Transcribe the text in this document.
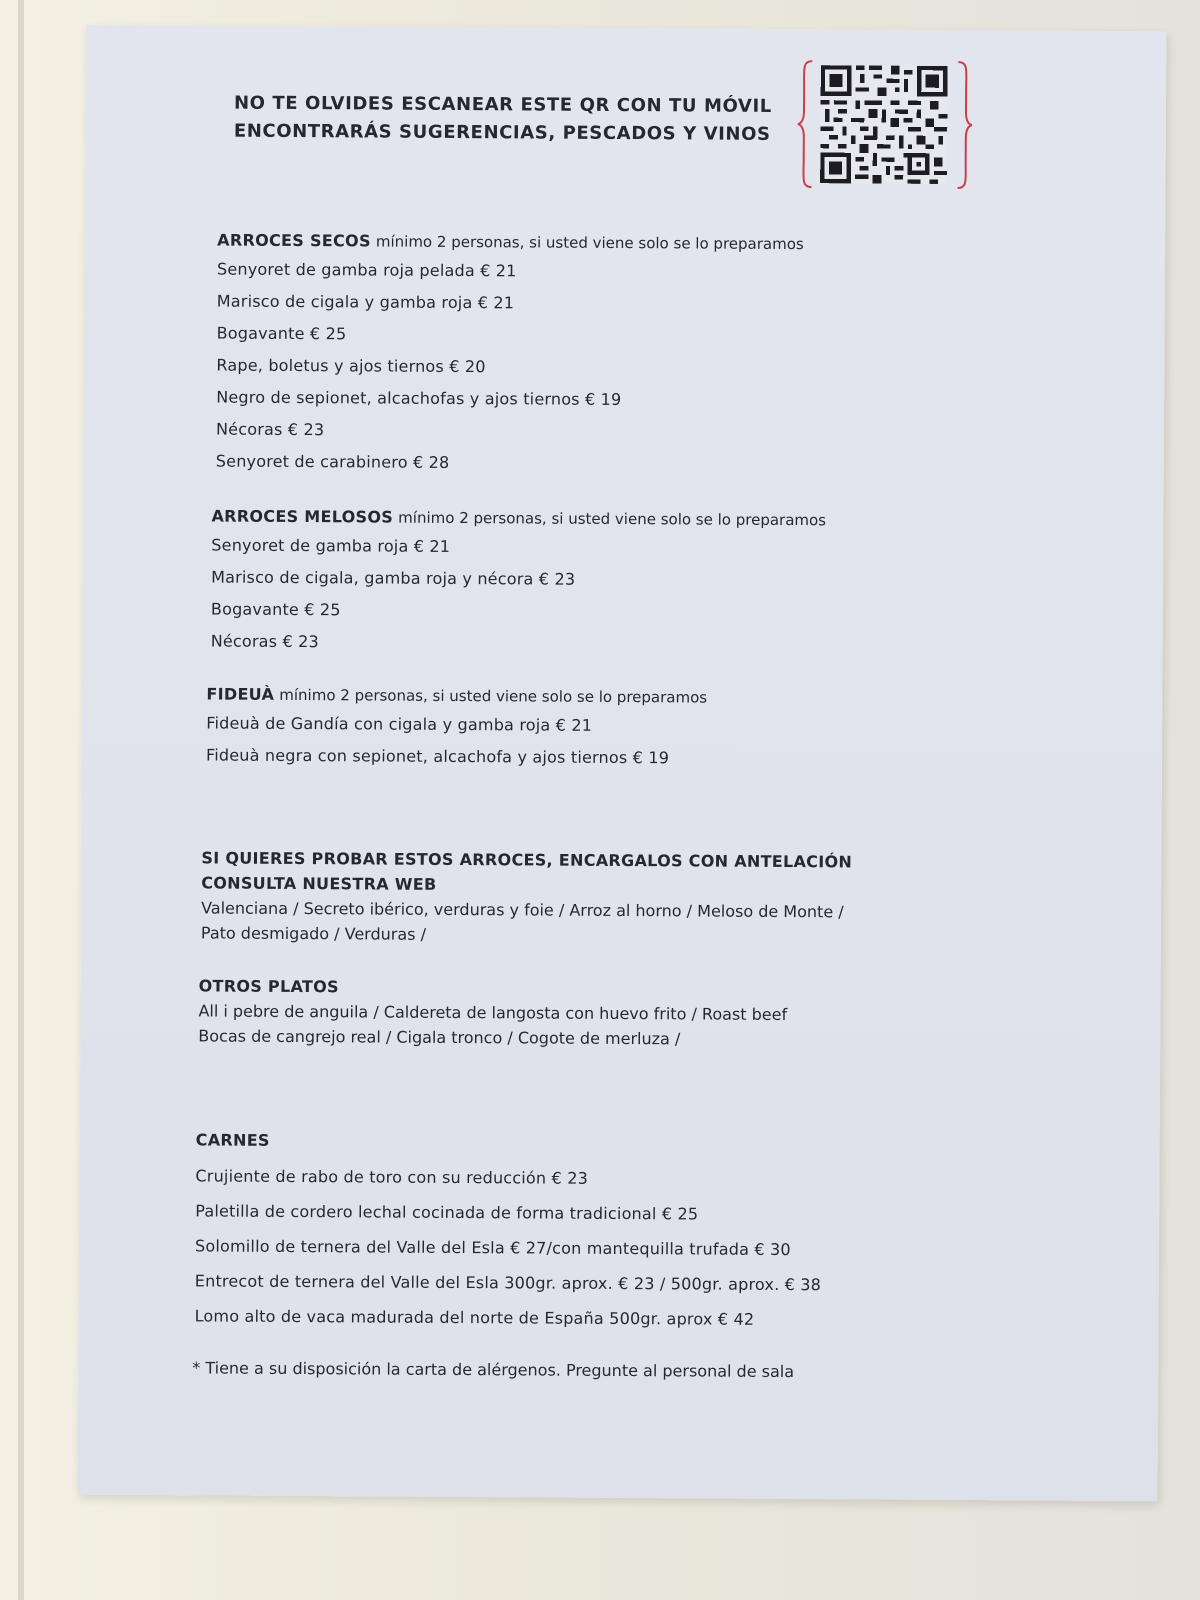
NO TE OLVIDES ESCANEAR ESTE QR CON TU MÓVIL
ENCONTRARÁS SUGERENCIAS, PESCADOS Y VINOS
ARROCES SECOS mínimo 2 personas, si usted viene solo se lo preparamos
Senyoret de gamba roja pelada € 21
Marisco de cigala y gamba roja € 21
Bogavante € 25
Rape, boletus y ajos tiernos € 20
Negro de sepionet, alcachofas y ajos tiernos € 19
Nécoras € 23
Senyoret de carabinero € 28
ARROCES MELOSOS mínimo 2 personas, si usted viene solo se lo preparamos
Senyoret de gamba roja € 21
Marisco de cigala, gamba roja y nécora € 23
Bogavante € 25
Nécoras € 23
FIDEUÀ mínimo 2 personas, si usted viene solo se lo preparamos
Fideuà de Gandía con cigala y gamba roja € 21
Fideuà negra con sepionet, alcachofa y ajos tiernos € 19
SI QUIERES PROBAR ESTOS ARROCES, ENCARGALOS CON ANTELACIÓN
CONSULTA NUESTRA WEB
Valenciana / Secreto ibérico, verduras y foie / Arroz al horno / Meloso de Monte /
Pato desmigado / Verduras /
OTROS PLATOS
All i pebre de anguila / Caldereta de langosta con huevo frito / Roast beef
Bocas de cangrejo real / Cigala tronco / Cogote de merluza /
CARNES
Crujiente de rabo de toro con su reducción € 23
Paletilla de cordero lechal cocinada de forma tradicional € 25
Solomillo de ternera del Valle del Esla € 27/con mantequilla trufada € 30
Entrecot de ternera del Valle del Esla 300gr. aprox. € 23 / 500gr. aprox. € 38
Lomo alto de vaca madurada del norte de España 500gr. aprox € 42
* Tiene a su disposición la carta de alérgenos. Pregunte al personal de sala
